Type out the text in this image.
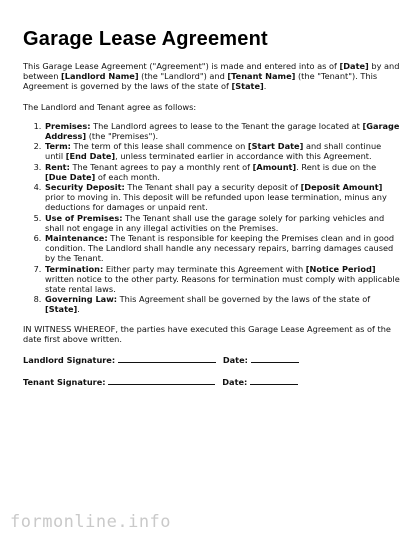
Garage Lease Agreement

This Garage Lease Agreement ("Agreement") is made and entered into as of [Date] by and between [Landlord Name] (the "Landlord") and [Tenant Name] (the "Tenant"). This Agreement is governed by the laws of the state of [State].

The Landlord and Tenant agree as follows:

1. Premises: The Landlord agrees to lease to the Tenant the garage located at [Garage Address] (the "Premises").
2. Term: The term of this lease shall commence on [Start Date] and shall continue until [End Date], unless terminated earlier in accordance with this Agreement.
3. Rent: The Tenant agrees to pay a monthly rent of [Amount]. Rent is due on the [Due Date] of each month.
4. Security Deposit: The Tenant shall pay a security deposit of [Deposit Amount] prior to moving in. This deposit will be refunded upon lease termination, minus any deductions for damages or unpaid rent.
5. Use of Premises: The Tenant shall use the garage solely for parking vehicles and shall not engage in any illegal activities on the Premises.
6. Maintenance: The Tenant is responsible for keeping the Premises clean and in good condition. The Landlord shall handle any necessary repairs, barring damages caused by the Tenant.
7. Termination: Either party may terminate this Agreement with [Notice Period] written notice to the other party. Reasons for termination must comply with applicable state rental laws.
8. Governing Law: This Agreement shall be governed by the laws of the state of [State].

IN WITNESS WHEREOF, the parties have executed this Garage Lease Agreement as of the date first above written.

Landlord Signature:	Date:
Tenant Signature:	Date:
formonline.info
